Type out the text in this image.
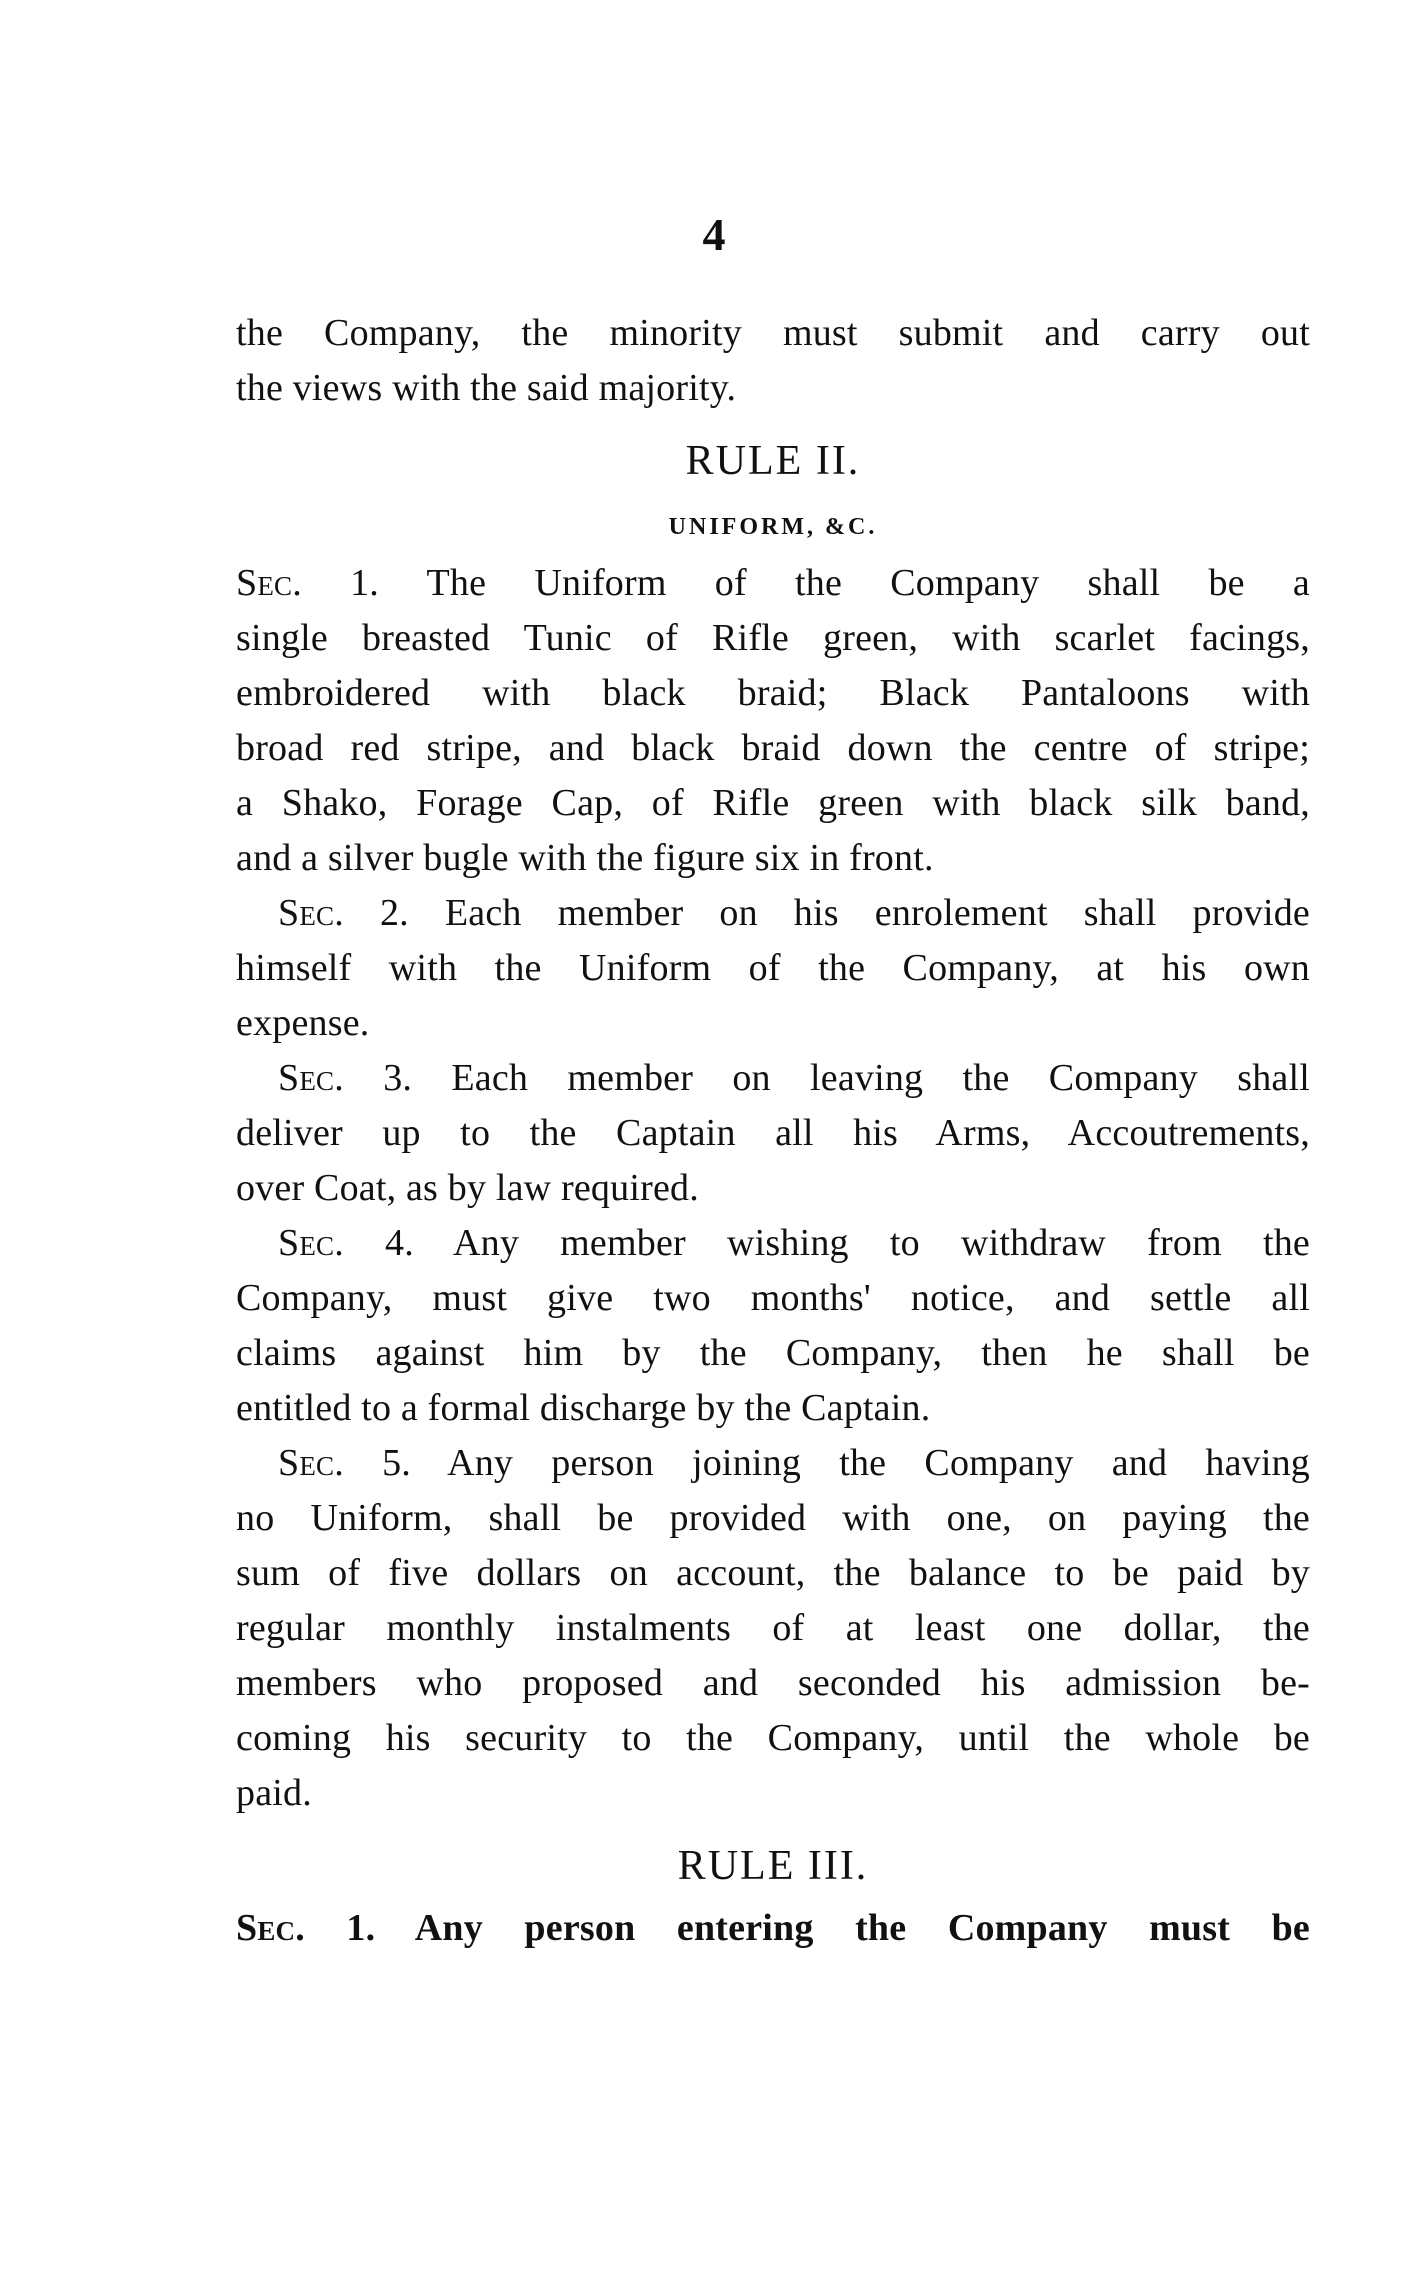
4
the Company, the minority must submit and carry out
the views with the said majority.
RULE II.
UNIFORM, &C.
Sec. 1. The Uniform of the Company shall be a
single breasted Tunic of Rifle green, with scarlet facings,
embroidered with black braid; Black Pantaloons with
broad red stripe, and black braid down the centre of stripe;
a Shako, Forage Cap, of Rifle green with black silk band,
and a silver bugle with the figure six in front.
Sec. 2. Each member on his enrolement shall provide
himself with the Uniform of the Company, at his own
expense.
Sec. 3. Each member on leaving the Company shall
deliver up to the Captain all his Arms, Accoutrements,
over Coat, as by law required.
Sec. 4. Any member wishing to withdraw from the
Company, must give two months' notice, and settle all
claims against him by the Company, then he shall be
entitled to a formal discharge by the Captain.
Sec. 5. Any person joining the Company and having
no Uniform, shall be provided with one, on paying the
sum of five dollars on account, the balance to be paid by
regular monthly instalments of at least one dollar, the
members who proposed and seconded his admission be-
coming his security to the Company, until the whole be
paid.
RULE III.
Sec. 1. Any person entering the Company must be
